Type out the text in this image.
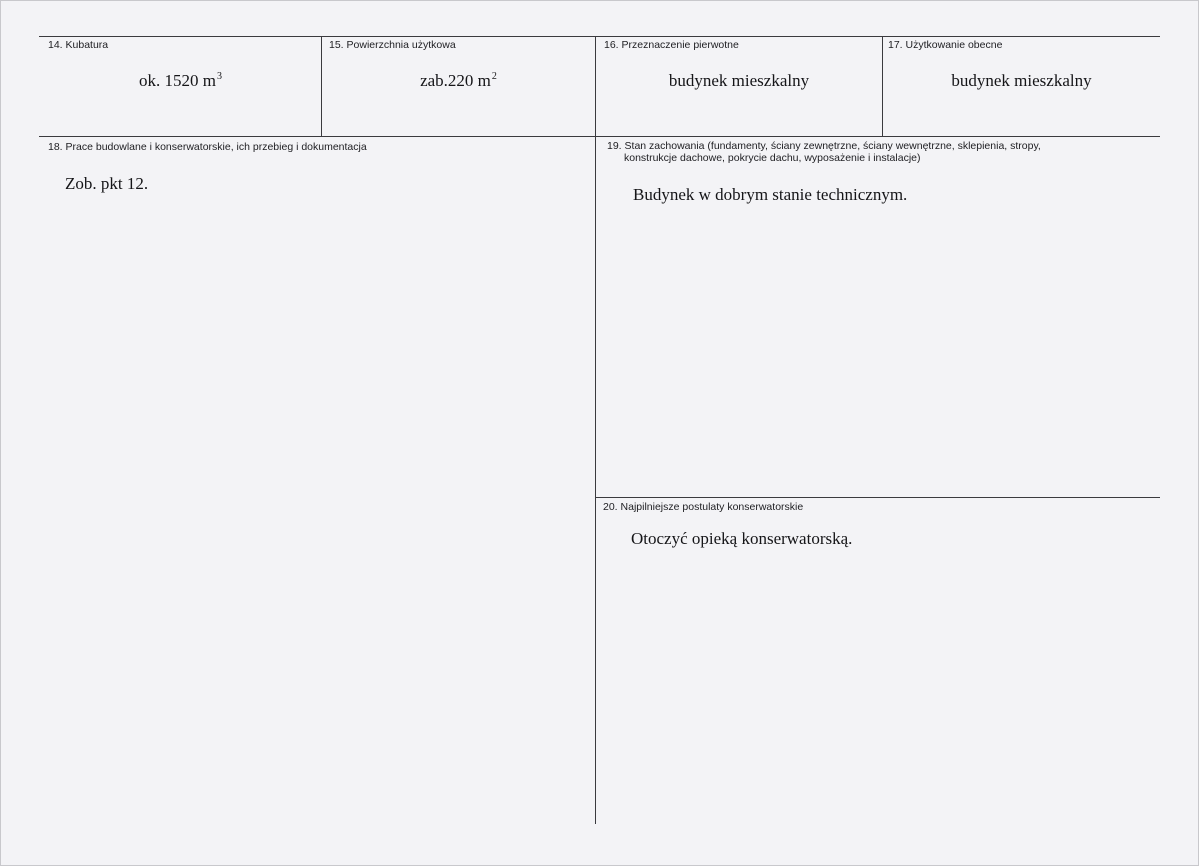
14. Kubatura
ok. 1520 $m^3$
15. Powierzchnia użytkowa
zab.220 $m^2$
16. Przeznaczenie pierwotne
budynek mieszkalny
17. Użytkowanie obecne
budynek mieszkalny
18. Prace budowlane i konserwatorskie, ich przebieg i dokumentacja
Zob. pkt 12.
19. Stan zachowania (fundamenty, ściany zewnętrzne, ściany wewnętrzne, sklepienia, stropy,
konstrukcje dachowe, pokrycie dachu, wyposażenie i instalacje)
Budynek w dobrym stanie technicznym.
20. Najpilniejsze postulaty konserwatorskie
Otoczyć opieką konserwatorską.
